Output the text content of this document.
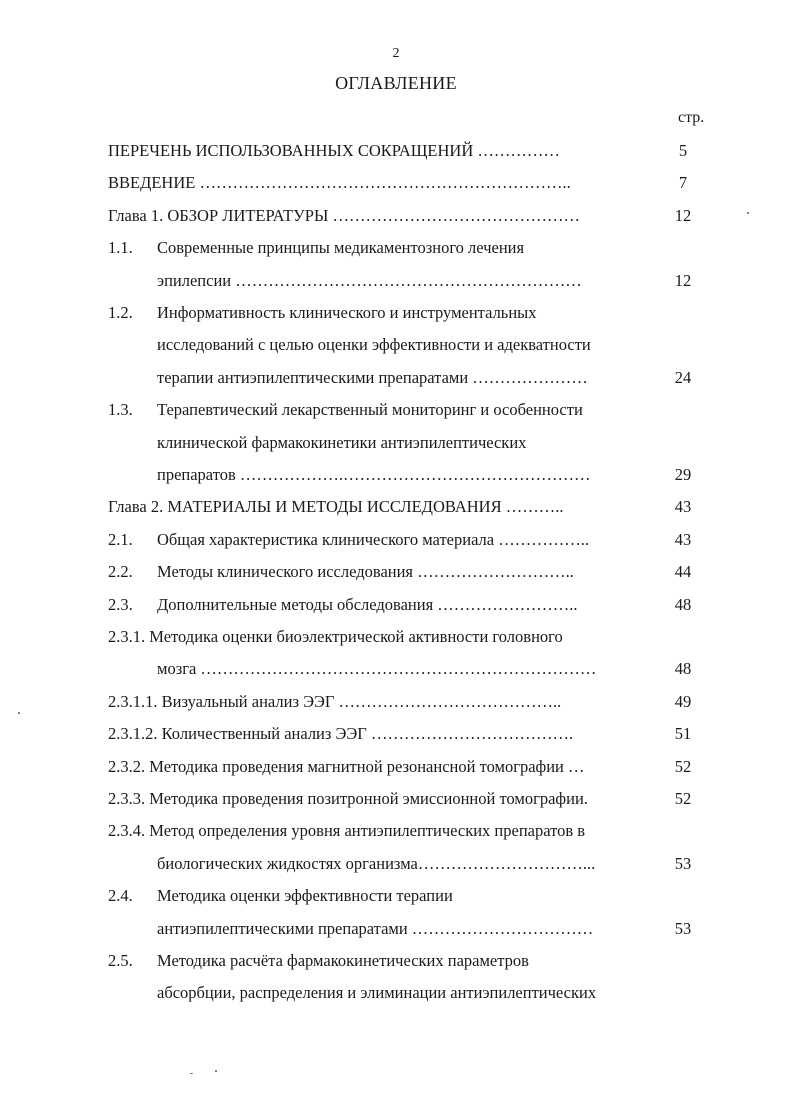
2
ОГЛАВЛЕНИЕ
стр.
ПЕРЕЧЕНЬ ИСПОЛЬЗОВАННЫХ СОКРАЩЕНИЙ ……………	5
ВВЕДЕНИЕ …………………………………………………………..	7
Глава 1. ОБЗОР ЛИТЕРАТУРЫ ………………………………………	12
1.1. Современные принципы медикаментозного лечения
эпилепсии ………………………………………………………	12
1.2. Информативность клинического и инструментальных
исследований с целью оценки эффективности и адекватности
терапии антиэпилептическими препаратами …………………	24
1.3. Терапевтический лекарственный мониторинг и особенности
клинической фармакокинетики антиэпилептических
препаратов ……………….………………………………………	29
Глава 2. МАТЕРИАЛЫ И МЕТОДЫ ИССЛЕДОВАНИЯ ………..	43
2.1. Общая характеристика клинического материала ……………..	43
2.2. Методы клинического исследования ………………………..	44
2.3. Дополнительные методы обследования ……………………..	48
2.3.1. Методика оценки биоэлектрической активности головного
мозга ………………………………………………………………	48
2.3.1.1. Визуальный анализ ЭЭГ …………………………………..	49
2.3.1.2. Количественный анализ ЭЭГ ……………………………….	51
2.3.2. Методика проведения магнитной резонансной томографии …	52
2.3.3. Методика проведения позитронной эмиссионной томографии.	52
2.3.4. Метод определения уровня антиэпилептических препаратов в
биологических жидкостях организма…………………………...	53
2.4. Методика оценки эффективности терапии
антиэпилептическими препаратами ……………………………	53
2.5. Методика расчёта фармакокинетических параметров
абсорбции, распределения и элиминации антиэпилептических
